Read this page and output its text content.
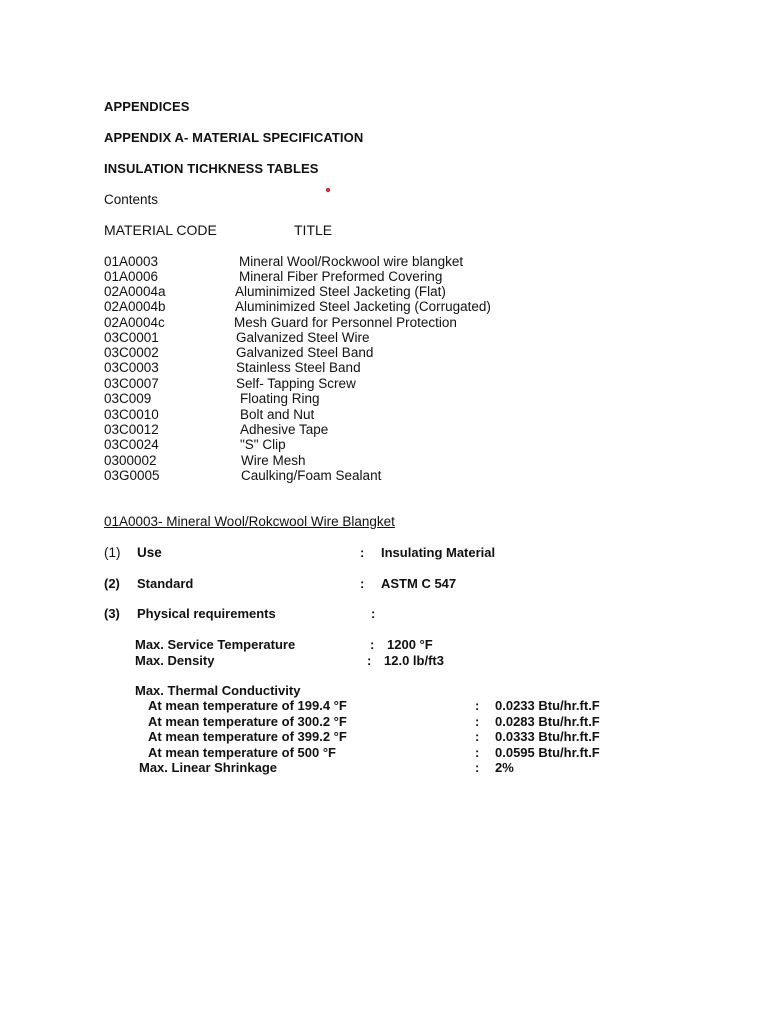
APPENDICES
APPENDIX A- MATERIAL SPECIFICATION
INSULATION TICHKNESS TABLES
Contents
MATERIAL CODE	TITLE
01A0003	Mineral Wool/Rockwool wire blangket
01A0006	Mineral Fiber Preformed Covering
02A0004a	Aluminimized Steel Jacketing (Flat)
02A0004b	Aluminimized Steel Jacketing (Corrugated)
02A0004c	Mesh Guard for Personnel Protection
03C0001	Galvanized Steel Wire
03C0002	Galvanized Steel Band
03C0003	Stainless Steel Band
03C0007	Self- Tapping Screw
03C009	Floating Ring
03C0010	Bolt and Nut
03C0012	Adhesive Tape
03C0024	"S" Clip
0300002	Wire Mesh
03G0005	Caulking/Foam Sealant
01A0003- Mineral Wool/Rokcwool Wire Blangket
(1) Use	: Insulating Material
(2) Standard	: ASTM C 547
(3) Physical requirements	:
Max. Service Temperature	: 1200 °F
Max. Density	: 12.0 lb/ft3
Max. Thermal Conductivity
At mean temperature of 199.4 °F	: 0.0233 Btu/hr.ft.F
At mean temperature of 300.2 °F	: 0.0283 Btu/hr.ft.F
At mean temperature of 399.2 °F	: 0.0333 Btu/hr.ft.F
At mean temperature of 500 °F	: 0.0595 Btu/hr.ft.F
Max. Linear Shrinkage	: 2%
